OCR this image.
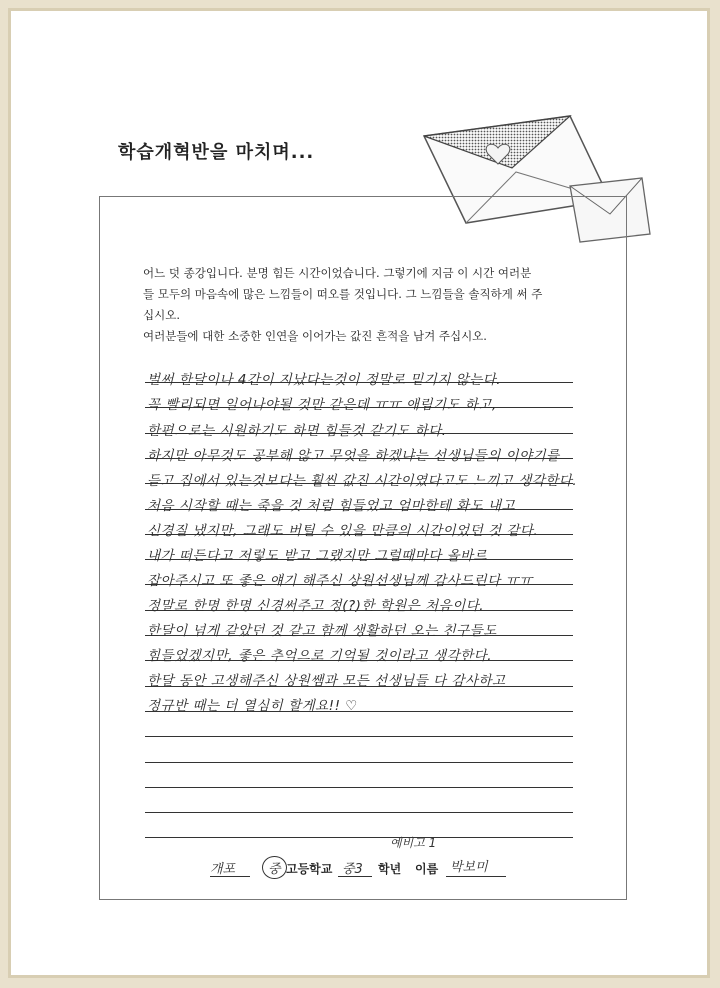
학습개혁반을 마치며...

어느 덧 종강입니다. 분명 힘든 시간이었습니다. 그렇기에 지금 이 시간 여러분

들 모두의 마음속에 많은 느낌들이 떠오를 것입니다. 그 느낌들을 솔직하게 써 주

십시오.

여러분들에 대한 소중한 인연을 이어가는 값진 흔적을 남겨 주십시오.

벌써 한달이나 4간이 지났다는것이 정말로 믿기지 않는다.
꼭 빨리되면 일어나야될 것만 같은데 ㅠㅠ 애림기도 하고,
한편으로는 시원하기도 하면 힘들것 같기도 하다.
하지만 아무것도 공부해 않고 무엇을 하겠냐는 선생님들의 이야기를
듣고 집에서 있는것보다는 훨씬 값진 시간이였다고도 느끼고 생각한다.
처음 시작할 때는 죽을 것 처럼 힘들었고 엄마한테 화도 내고
신경질 냈지만, 그래도 버틸 수 있을 만큼의 시간이었던 것 같다.
내가 떠든다고 저렇도 받고 그랬지만 그럴때마다 올바르
잡아주시고 또 좋은 얘기 해주신 상원선생님께 감사드린다 ㅠㅠ
정말로 한명 한명 신경써주고 정(?)한 학원은 처음이다.
한달이 넘게 같았던 것 같고 함께 생활하던 오는 친구들도
힘들었겠지만, 좋은 추억으로 기억될 것이라고 생각한다.
한달 동안 고생해주신 상원쌤과 모든 선생님들 다 감사하고
정규반 때는 더 열심히 할게요!! ♡
예비고 1
개포	중 고등학교 중3 학년 이름 박보미
